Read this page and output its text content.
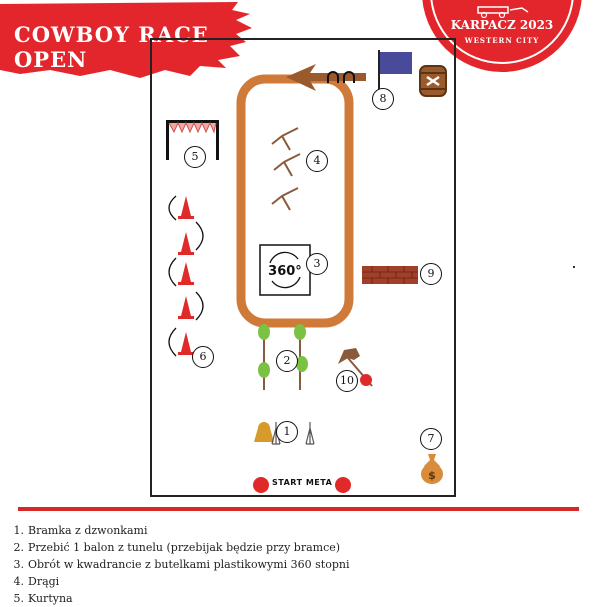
COWBOY RACE OPEN
KARPACZ 2023
WESTERN CITY
8
5	4
6
360°
3
9
2
10
1
7
$
START META
1. Bramka z dzwonkami
2. Przebić 1 balon z tunelu (przebijak będzie przy bramce)
3. Obrót w kwadrancie z butelkami plastikowymi 360 stopni
4. Drągi
5. Kurtyna
